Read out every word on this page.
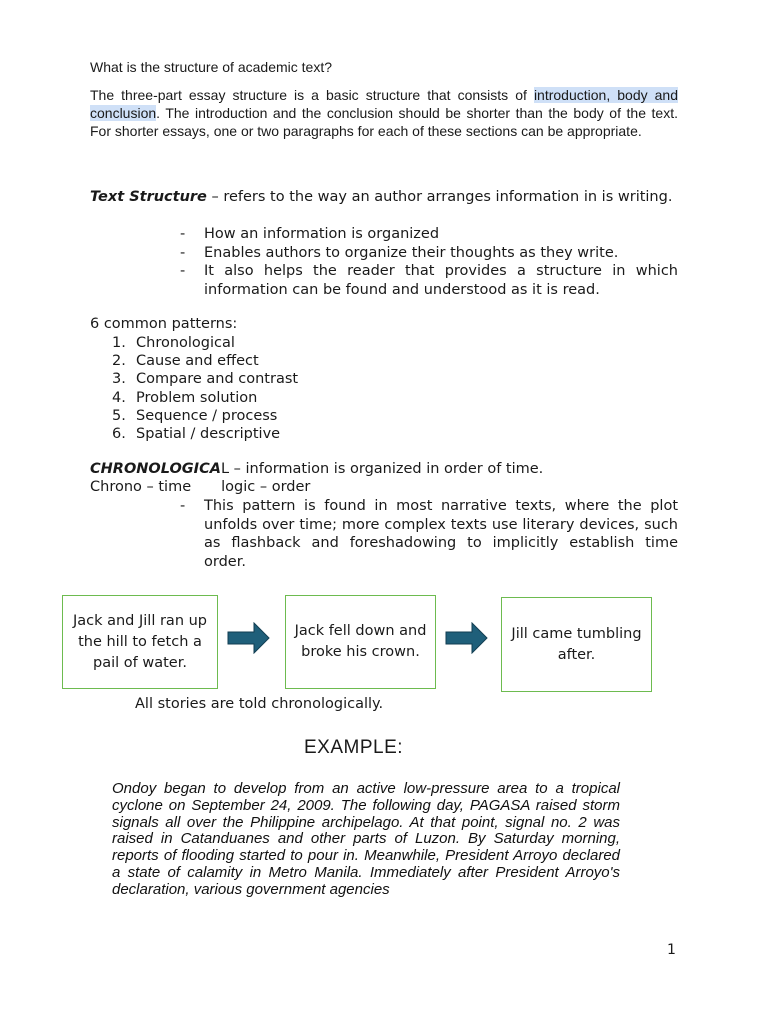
What is the structure of academic text?
The three-part essay structure is a basic structure that consists of introduction, body and conclusion. The introduction and the conclusion should be shorter than the body of the text. For shorter essays, one or two paragraphs for each of these sections can be appropriate.
Text Structure – refers to the way an author arranges information in is writing.
- How an information is organized
- Enables authors to organize their thoughts as they write.
- It also helps the reader that provides a structure in which information can be found and understood as it is read.
6 common patterns:
1. Chronological
2. Cause and effect
3. Compare and contrast
4. Problem solution
5. Sequence / process
6. Spatial / descriptive
CHRONOLOGICAL – information is organized in order of time.
Chrono – time logic – order
- This pattern is found in most narrative texts, where the plot unfolds over time; more complex texts use literary devices, such as flashback and foreshadowing to implicitly establish time order.
Jack and Jill ran up the hill to fetch a pail of water.
Jack fell down and broke his crown.
Jill came tumbling after.
All stories are told chronologically.
EXAMPLE:
Ondoy began to develop from an active low-pressure area to a tropical cyclone on September 24, 2009. The following day, PAGASA raised storm signals all over the Philippine archipelago. At that point, signal no. 2 was raised in Catanduanes and other parts of Luzon. By Saturday morning, reports of flooding started to pour in. Meanwhile, President Arroyo declared a state of calamity in Metro Manila. Immediately after President Arroyo's declaration, various government agencies
1
